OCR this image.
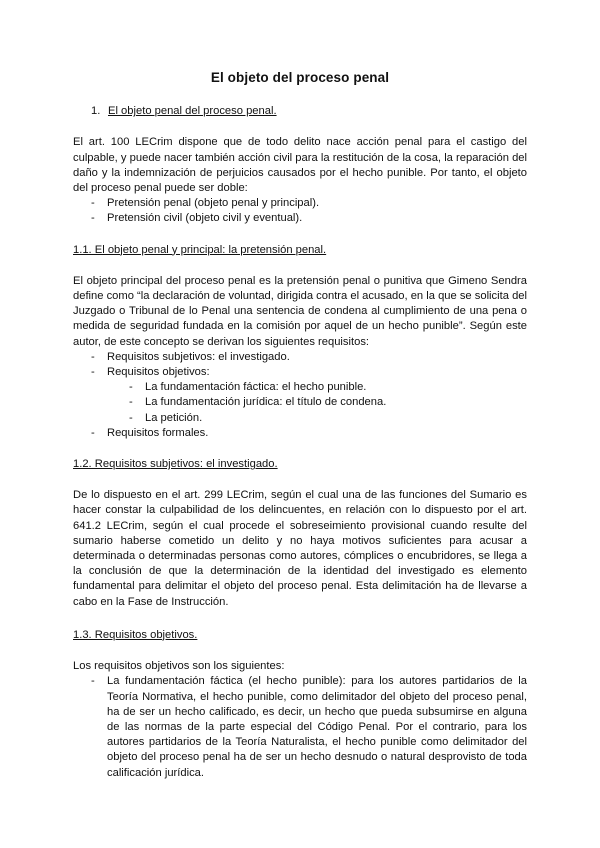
El objeto del proceso penal
1. El objeto penal del proceso penal.

El art. 100 LECrim dispone que de todo delito nace acción penal para el castigo del culpable, y puede nacer también acción civil para la restitución de la cosa, la reparación del daño y la indemnización de perjuicios causados por el hecho punible. Por tanto, el objeto del proceso penal puede ser doble:

- Pretensión penal (objeto penal y principal).
- Pretensión civil (objeto civil y eventual).
1.1. El objeto penal y principal: la pretensión penal.

El objeto principal del proceso penal es la pretensión penal o punitiva que Gimeno Sendra define como “la declaración de voluntad, dirigida contra el acusado, en la que se solicita del Juzgado o Tribunal de lo Penal una sentencia de condena al cumplimiento de una pena o medida de seguridad fundada en la comisión por aquel de un hecho punible”. Según este autor, de este concepto se derivan los siguientes requisitos:

- Requisitos subjetivos: el investigado.
- Requisitos objetivos:
- La fundamentación fáctica: el hecho punible.
- La fundamentación jurídica: el título de condena.
- La petición.
- Requisitos formales.
1.2. Requisitos subjetivos: el investigado.

De lo dispuesto en el art. 299 LECrim, según el cual una de las funciones del Sumario es hacer constar la culpabilidad de los delincuentes, en relación con lo dispuesto por el art. 641.2 LECrim, según el cual procede el sobreseimiento provisional cuando resulte del sumario haberse cometido un delito y no haya motivos suficientes para acusar a determinada o determinadas personas como autores, cómplices o encubridores, se llega a la conclusión de que la determinación de la identidad del investigado es elemento fundamental para delimitar el objeto del proceso penal. Esta delimitación ha de llevarse a cabo en la Fase de Instrucción.

1.3. Requisitos objetivos.

Los requisitos objetivos son los siguientes:

- La fundamentación fáctica (el hecho punible): para los autores partidarios de la Teoría Normativa, el hecho punible, como delimitador del objeto del proceso penal, ha de ser un hecho calificado, es decir, un hecho que pueda subsumirse en alguna de las normas de la parte especial del Código Penal. Por el contrario, para los autores partidarios de la Teoría Naturalista, el hecho punible como delimitador del objeto del proceso penal ha de ser un hecho desnudo o natural desprovisto de toda calificación jurídica.
